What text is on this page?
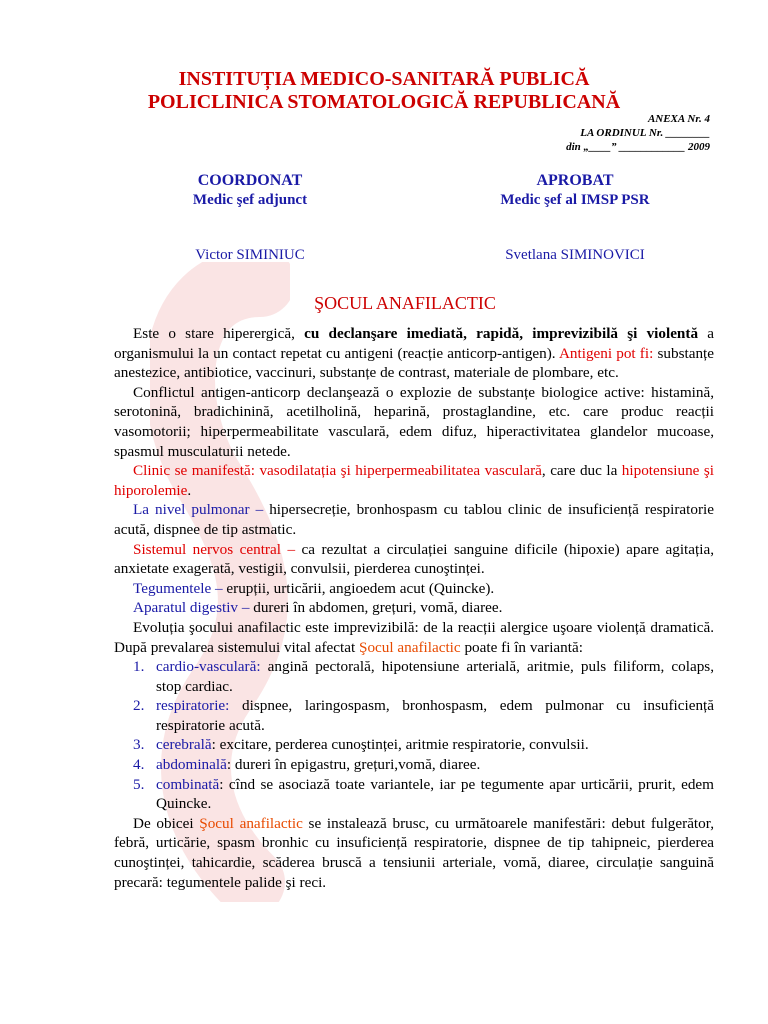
INSTITUȚIA MEDICO-SANITARĂ PUBLICĂ
POLICLINICA STOMATOLOGICĂ REPUBLICANĂ
ANEXA Nr. 4
LA ORDINUL Nr. ________
din „____” ____________ 2009
COORDONAT
Medic şef adjunct
Victor SIMINIUC
APROBAT
Medic şef al IMSP PSR
Svetlana SIMINOVICI
ŞOCUL ANAFILACTIC

Este o stare hiperergică, cu declanşare imediată, rapidă, imprevizibilă şi violentă a organismului la un contact repetat cu antigeni (reacție anticorp-antigen). Antigeni pot fi: substanțe anestezice, antibiotice, vaccinuri, substanțe de contrast, materiale de plombare, etc.

Conflictul antigen-anticorp declanşează o explozie de substanțe biologice active: histamină, serotonină, bradichinină, acetilholină, heparină, prostaglandine, etc. care produc reacții vasomotorii; hiperpermeabilitate vasculară, edem difuz, hiperactivitatea glandelor mucoase, spasmul musculaturii netede.

Clinic se manifestă: vasodilatația şi hiperpermeabilitatea vasculară, care duc la hipotensiune şi hiporolemie.

La nivel pulmonar – hipersecreție, bronhospasm cu tablou clinic de insuficiență respiratorie acută, dispnee de tip astmatic.

Sistemul nervos central – ca rezultat a circulației sanguine dificile (hipoxie) apare agitația, anxietate exagerată, vestigii, convulsii, pierderea cunoştinței.

Tegumentele – erupții, urticării, angioedem acut (Quincke).

Aparatul digestiv – dureri în abdomen, grețuri, vomă, diaree.

Evoluția şocului anafilactic este imprevizibilă: de la reacții alergice uşoare violență dramatică. După prevalarea sistemului vital afectat Şocul anafilactic poate fi în variantă:

1. cardio-vasculară: angină pectorală, hipotensiune arterială, aritmie, puls filiform, colaps, stop cardiac.
2. respiratorie: dispnee, laringospasm, bronhospasm, edem pulmonar cu insuficiență respiratorie acută.
3. cerebrală: excitare, perderea cunoştinței, aritmie respiratorie, convulsii.
4. abdominală: dureri în epigastru, grețuri,vomă, diaree.
5. combinată: cînd se asociază toate variantele, iar pe tegumente apar urticării, prurit, edem Quincke.

De obicei Şocul anafilactic se instalează brusc, cu următoarele manifestări: debut fulgerător, febră, urticărie, spasm bronhic cu insuficiență respiratorie, dispnee de tip tahipneic, pierderea cunoştinței, tahicardie, scăderea bruscă a tensiunii arteriale, vomă, diaree, circulație sanguină precară: tegumentele palide şi reci.
